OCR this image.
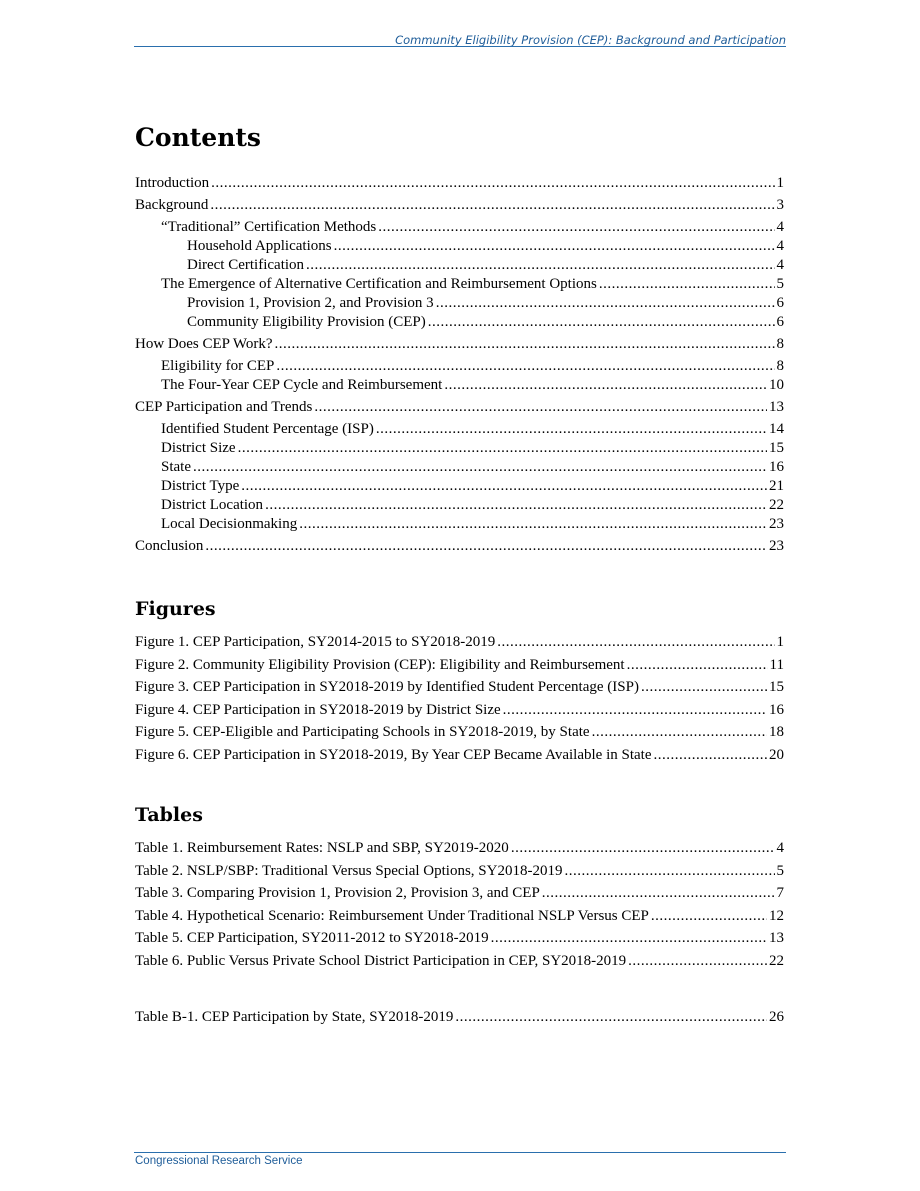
Community Eligibility Provision (CEP): Background and Participation
Contents
Introduction .....	1
Background .....	3
“Traditional” Certification Methods .....	4
Household Applications .....	4
Direct Certification .....	4
The Emergence of Alternative Certification and Reimbursement Options .....	5
Provision 1, Provision 2, and Provision 3 .....	6
Community Eligibility Provision (CEP) .....	6
How Does CEP Work? .....	8
Eligibility for CEP .....	8
The Four-Year CEP Cycle and Reimbursement .....	10
CEP Participation and Trends .....	13
Identified Student Percentage (ISP) .....	14
District Size .....	15
State .....	16
District Type .....	21
District Location .....	22
Local Decisionmaking .....	23
Conclusion .....	23
Figures
Figure 1. CEP Participation, SY2014-2015 to SY2018-2019 .....	1
Figure 2. Community Eligibility Provision (CEP): Eligibility and Reimbursement .....	11
Figure 3. CEP Participation in SY2018-2019 by Identified Student Percentage (ISP) .....	15
Figure 4. CEP Participation in SY2018-2019 by District Size .....	16
Figure 5. CEP-Eligible and Participating Schools in SY2018-2019, by State .....	18
Figure 6. CEP Participation in SY2018-2019, By Year CEP Became Available in State .....	20
Tables
Table 1. Reimbursement Rates: NSLP and SBP, SY2019-2020 .....	4
Table 2. NSLP/SBP: Traditional Versus Special Options, SY2018-2019 .....	5
Table 3. Comparing Provision 1, Provision 2, Provision 3, and CEP .....	7
Table 4. Hypothetical Scenario: Reimbursement Under Traditional NSLP Versus CEP .....	12
Table 5. CEP Participation, SY2011-2012 to SY2018-2019 .....	13
Table 6. Public Versus Private School District Participation in CEP, SY2018-2019 .....	22
Table B-1. CEP Participation by State, SY2018-2019 .....	26
Congressional Research Service
